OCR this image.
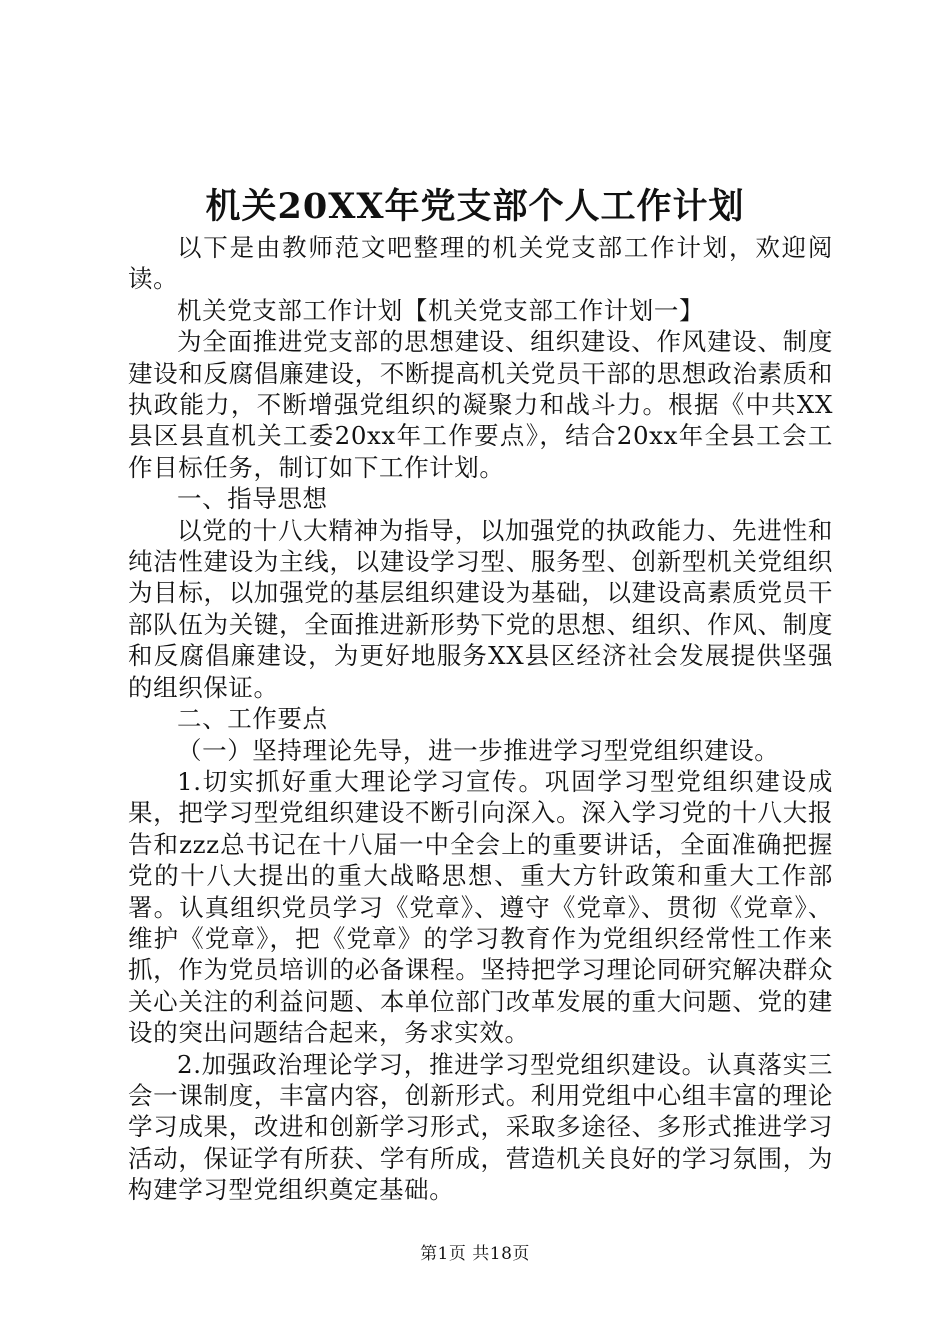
机关20XX年党支部个人工作计划

以下是由教师范文吧整理的机关党支部工作计划，欢迎阅读。

机关党支部工作计划【机关党支部工作计划一】

为全面推进党支部的思想建设、组织建设、作风建设、制度建设和反腐倡廉建设，不断提高机关党员干部的思想政治素质和执政能力，不断增强党组织的凝聚力和战斗力。根据《中共XX县区县直机关工委20xx年工作要点》，结合20xx年全县工会工作目标任务，制订如下工作计划。

一、指导思想

以党的十八大精神为指导，以加强党的执政能力、先进性和纯洁性建设为主线，以建设学习型、服务型、创新型机关党组织为目标，以加强党的基层组织建设为基础，以建设高素质党员干部队伍为关键，全面推进新形势下党的思想、组织、作风、制度和反腐倡廉建设，为更好地服务XX县区经济社会发展提供坚强的组织保证。

二、工作要点

（一）坚持理论先导，进一步推进学习型党组织建设。

1.切实抓好重大理论学习宣传。巩固学习型党组织建设成果，把学习型党组织建设不断引向深入。深入学习党的十八大报告和zzz总书记在十八届一中全会上的重要讲话，全面准确把握党的十八大提出的重大战略思想、重大方针政策和重大工作部署。认真组织党员学习《党章》、遵守《党章》、贯彻《党章》、维护《党章》，把《党章》的学习教育作为党组织经常性工作来抓，作为党员培训的必备课程。坚持把学习理论同研究解决群众关心关注的利益问题、本单位部门改革发展的重大问题、党的建设的突出问题结合起来，务求实效。

2.加强政治理论学习，推进学习型党组织建设。认真落实三会一课制度，丰富内容，创新形式。利用党组中心组丰富的理论学习成果，改进和创新学习形式，采取多途径、多形式推进学习活动，保证学有所获、学有所成，营造机关良好的学习氛围，为构建学习型党组织奠定基础。

第1页 共18页
